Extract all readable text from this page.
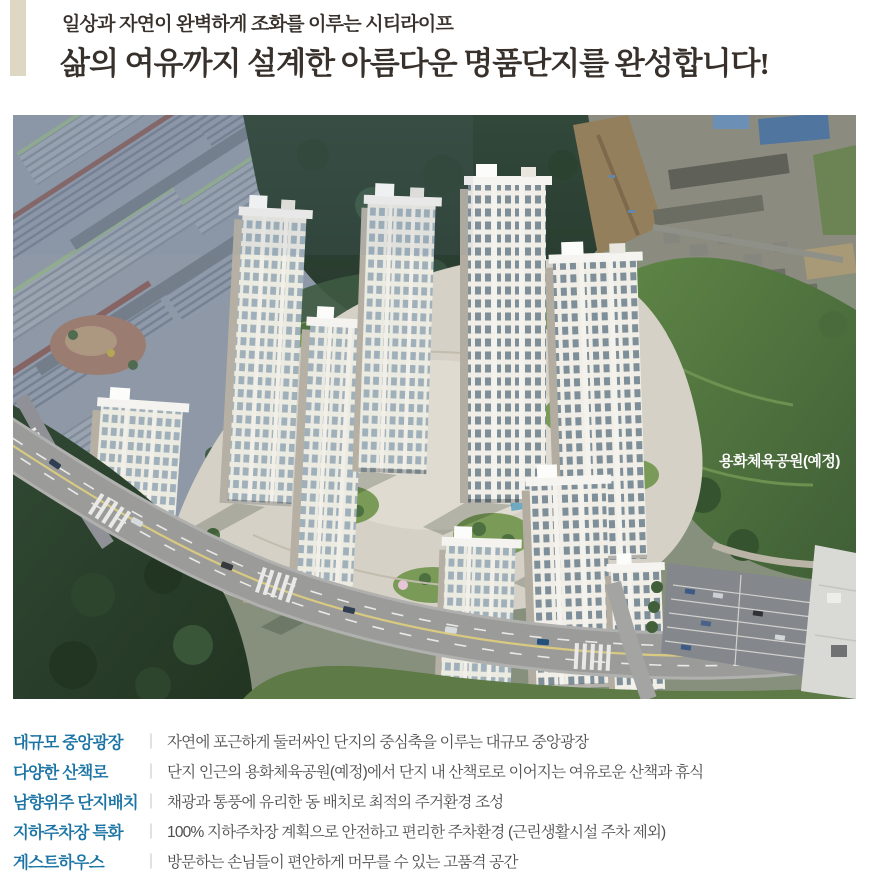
일상과 자연이 완벽하게 조화를 이루는 시티라이프

삶의 여유까지 설계한 아름다운 명품단지를 완성합니다!
용화체육공원(예정)
대규모 중앙광장	| 자연에 포근하게 둘러싸인 단지의 중심축을 이루는 대규모 중앙광장
다양한 산책로	| 단지 인근의 용화체육공원(예정)에서 단지 내 산책로로 이어지는 여유로운 산책과 휴식
남향위주 단지배치 | 채광과 통풍에 유리한 동 배치로 최적의 주거환경 조성
지하주차장 특화	| 100% 지하주차장 계획으로 안전하고 편리한 주차환경 (근린생활시설 주차 제외)
게스트하우스	| 방문하는 손님들이 편안하게 머무를 수 있는 고품격 공간
